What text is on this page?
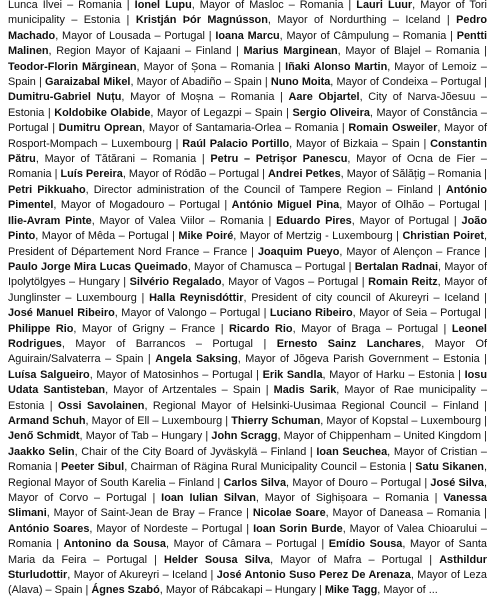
Lunca Ilvei – Romania | Ionel Lupu, Mayor of Masloc – Romania | Lauri Luur, Mayor of Tori municipality – Estonia | Kristján Þór Magnússon, Mayor of Nordurthing – Iceland | Pedro Machado, Mayor of Lousada – Portugal | Ioana Marcu, Mayor of Câmpulung – Romania | Pentti Malinen, Region Mayor of Kajaani – Finland | Marius Marginean, Mayor of Blajel – Romania | Teodor-Florin Mărginean, Mayor of Șona – Romania | Iñaki Alonso Martin, Mayor of Lemoiz – Spain | Garaizabal Mikel, Mayor of Abadiño – Spain | Nuno Moita, Mayor of Condeixa – Portugal | Dumitru-Gabriel Nuțu, Mayor of Moșna – Romania | Aare Objartel, City of Narva-Jõesuu – Estonia | Koldobike Olabide, Mayor of Legazpi – Spain | Sergio Oliveira, Mayor of Constância – Portugal | Dumitru Oprean, Mayor of Santamaria-Orlea – Romania | Romain Osweiler, Mayor of Rosport-Mompach – Luxembourg | Raúl Palacio Portillo, Mayor of Bizkaia – Spain | Constantin Pătru, Mayor of Tătărani – Romania | Petru – Petrișor Panescu, Mayor of Ocna de Fier – Romania | Luís Pereira, Mayor of Ródão – Portugal | Andrei Petkes, Mayor of Sălățig – Romania | Petri Pikkuaho, Director administration of the Council of Tampere Region – Finland | António Pimentel, Mayor of Mogadouro – Portugal | António Miguel Pina, Mayor of Olhão – Portugal | Ilie-Avram Pinte, Mayor of Valea Viilor – Romania | Eduardo Pires, Mayor of Portugal | João Pinto, Mayor of Mêda – Portugal | Mike Poiré, Mayor of Mertzig - Luxembourg | Christian Poiret, President of Département Nord France – France | Joaquim Pueyo, Mayor of Alençon – France | Paulo Jorge Mira Lucas Queimado, Mayor of Chamusca – Portugal | Bertalan Radnai, Mayor of Ipolytölgyes – Hungary | Silvério Regalado, Mayor of Vagos – Portugal | Romain Reitz, Mayor of Junglinster – Luxembourg | Halla Reynisdóttir, President of city council of Akureyri – Iceland | José Manuel Ribeiro, Mayor of Valongo – Portugal | Luciano Ribeiro, Mayor of Seia – Portugal | Philippe Rio, Mayor of Grigny – France | Ricardo Rio, Mayor of Braga – Portugal | Leonel Rodrigues, Mayor of Barrancos – Portugal | Ernesto Sainz Lanchares, Mayor Of Aguirain/Salvaterra – Spain | Angela Saksing, Mayor of Jõgeva Parish Government – Estonia | Luísa Salgueiro, Mayor of Matosinhos – Portugal | Erik Sandla, Mayor of Harku – Estonia | Iosu Udata Santisteban, Mayor of Artzentales – Spain | Madis Sarik, Mayor of Rae municipality – Estonia | Ossi Savolainen, Regional Mayor of Helsinki-Uusimaa Regional Council – Finland | Armand Schuh, Mayor of Ell – Luxembourg | Thierry Schuman, Mayor of Kopstal – Luxembourg | Jenő Schmidt, Mayor of Tab – Hungary | John Scragg, Mayor of Chippenham – United Kingdom | Jaakko Selin, Chair of the City Board of Jyväskylä – Finland | Ioan Seuchea, Mayor of Cristian – Romania | Peeter Sibul, Chairman of Rägina Rural Municipality Council – Estonia | Satu Sikanen, Regional Mayor of South Karelia – Finland | Carlos Silva, Mayor of Douro – Portugal | José Silva, Mayor of Corvo – Portugal | Ioan Iulian Silvan, Mayor of Sighișoara – Romania | Vanessa Slimani, Mayor of Saint-Jean de Bray – France | Nicolae Soare, Mayor of Daneasa – Romania | António Soares, Mayor of Nordeste – Portugal | Ioan Sorin Burde, Mayor of Valea Chioarului – Romania | Antonino da Sousa, Mayor of Câmara – Portugal | Emídio Sousa, Mayor of Santa Maria da Feira – Portugal | Helder Sousa Silva, Mayor of Mafra – Portugal | Asthildur Sturludottir, Mayor of Akureyri – Iceland | José Antonio Suso Perez De Arenaza, Mayor of Leza (Alava) – Spain | Ágnes Szabó, Mayor of Rábcakapi – Hungary | Mike Tagg, Mayor of ...
